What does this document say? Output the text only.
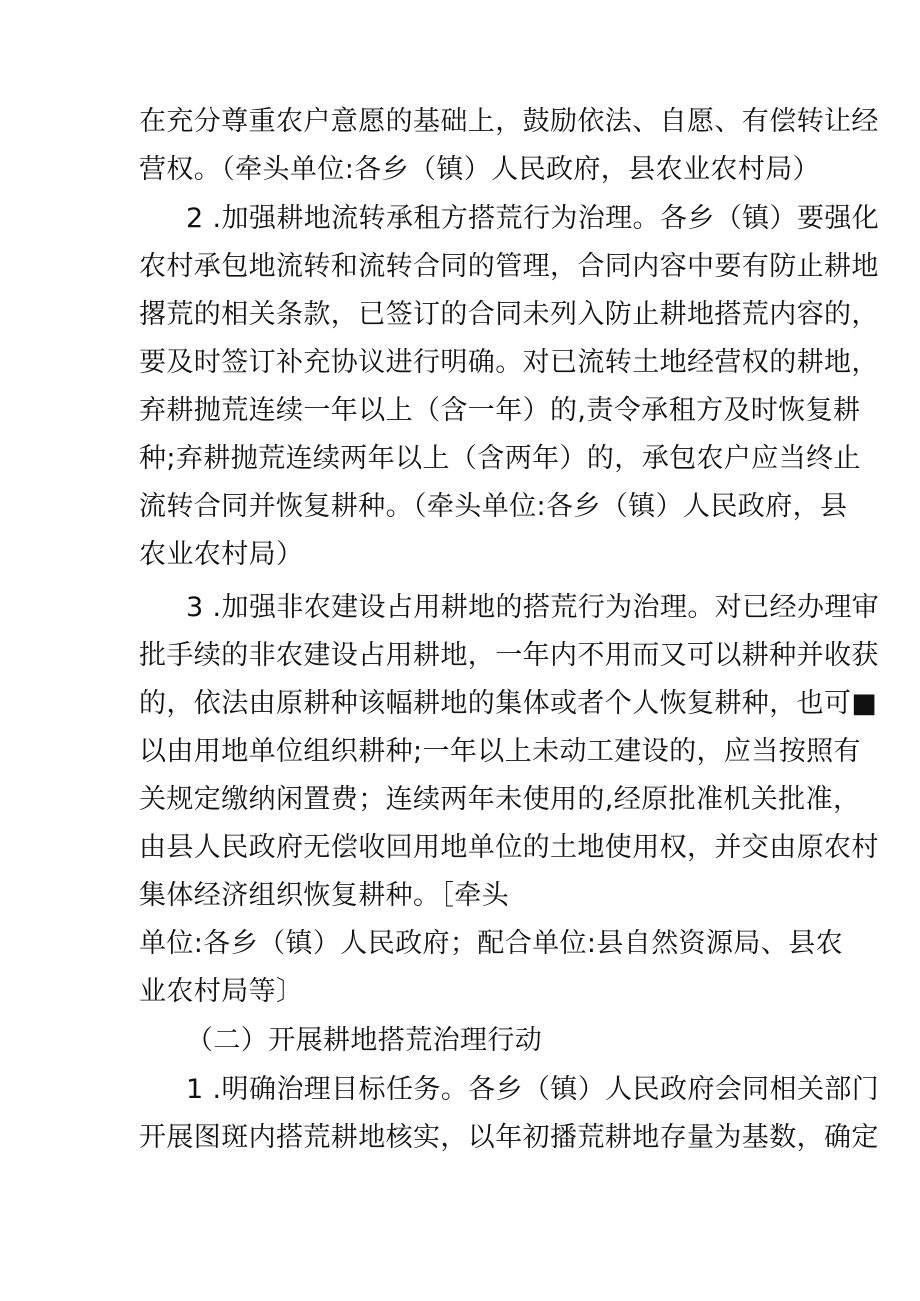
在充分尊重农户意愿的基础上，鼓励依法、自愿、有偿转让经
营权。（牵头单位:各乡（镇）人民政府，县农业农村局）
2 .加强耕地流转承租方搭荒行为治理。各乡（镇）要强化
农村承包地流转和流转合同的管理，合同内容中要有防止耕地
撂荒的相关条款，已签订的合同未列入防止耕地搭荒内容的，
要及时签订补充协议进行明确。对已流转土地经营权的耕地，
弃耕抛荒连续一年以上（含一年）的,责令承租方及时恢复耕
种;弃耕抛荒连续两年以上（含两年）的，承包农户应当终止
流转合同并恢复耕种。（牵头单位:各乡（镇）人民政府，县
农业农村局）
3 .加强非农建设占用耕地的搭荒行为治理。对已经办理审
批手续的非农建设占用耕地，一年内不用而又可以耕种并收获
的，依法由原耕种该幅耕地的集体或者个人恢复耕种，也可■
以由用地单位组织耕种;一年以上未动工建设的，应当按照有
关规定缴纳闲置费；连续两年未使用的,经原批准机关批准，
由县人民政府无偿收回用地单位的土地使用权，并交由原农村
集体经济组织恢复耕种。［牵头
单位:各乡（镇）人民政府；配合单位:县自然资源局、县农
业农村局等〕
（二）开展耕地搭荒治理行动
1 .明确治理目标任务。各乡（镇）人民政府会同相关部门
开展图斑内搭荒耕地核实，以年初播荒耕地存量为基数，确定
